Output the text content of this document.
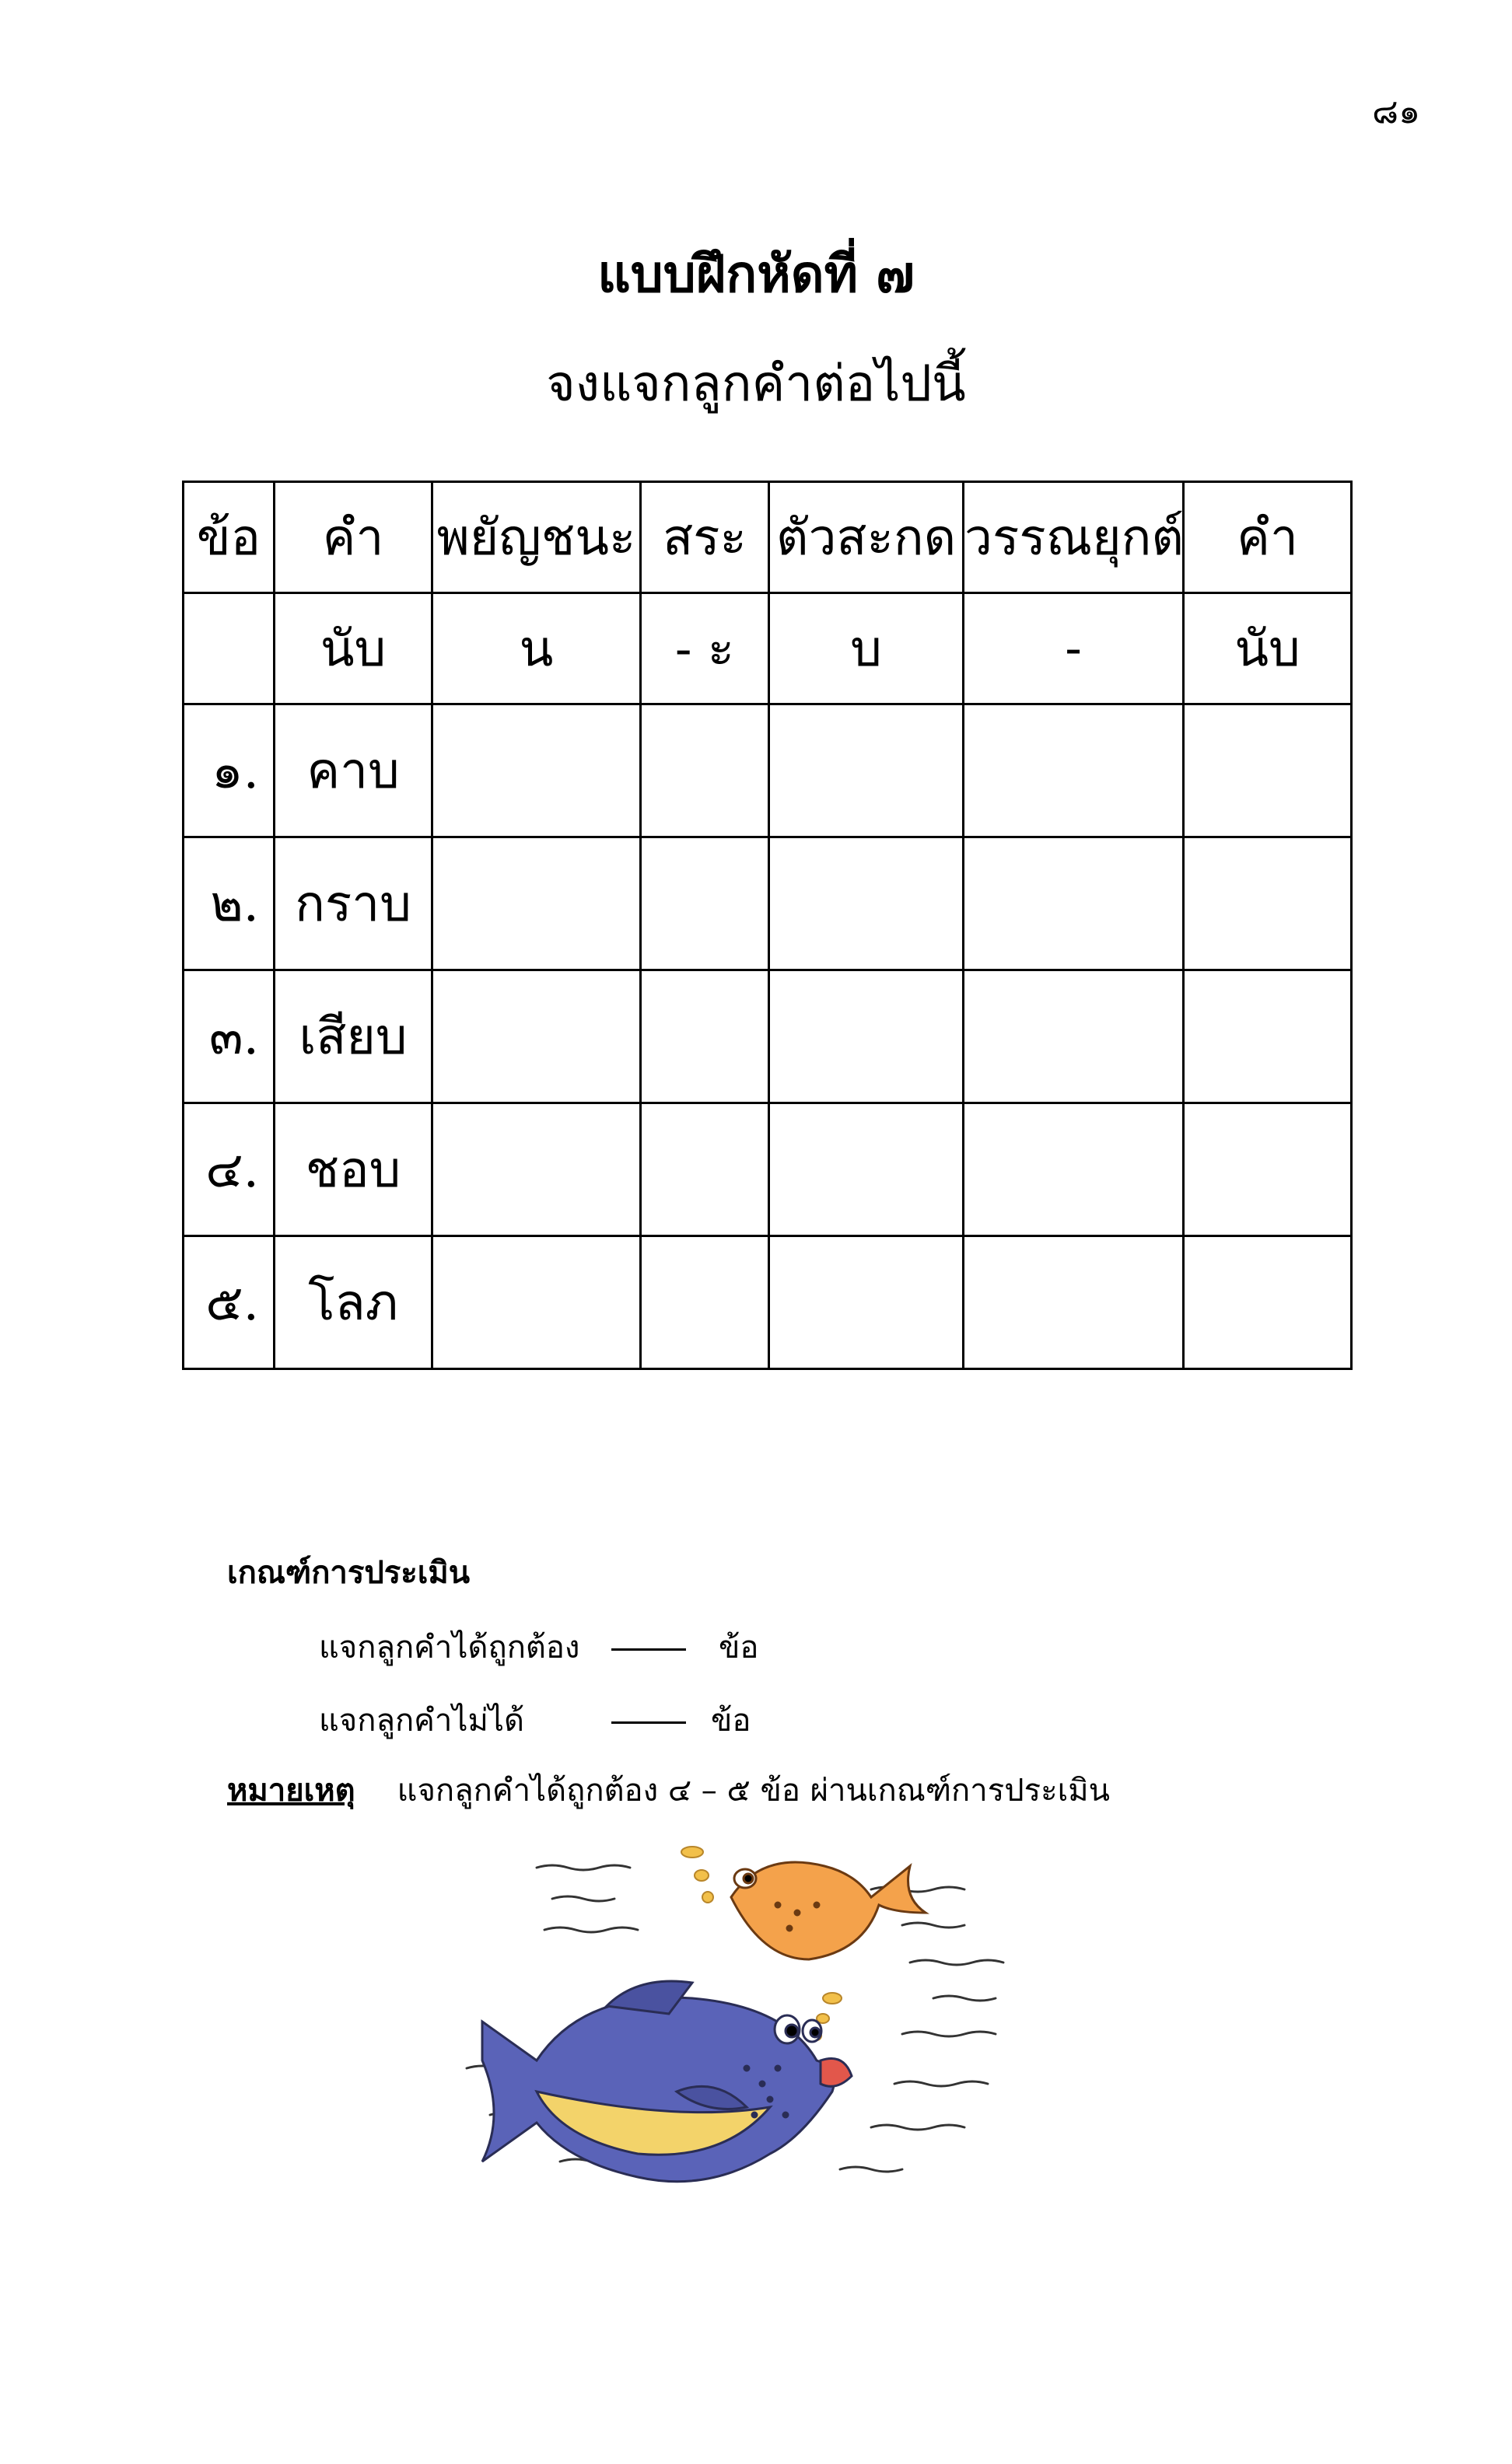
๘๑
แบบฝึกหัดที่ ๗
จงแจกลูกคำต่อไปนี้
ข้อ	คำ	พยัญชนะ	สระ	ตัวสะกด	วรรณยุกต์	คำ
	นับ	น	- ะ	บ	-	นับ
๑.	คาบ					
๒.	กราบ					
๓.	เสียบ					
๔.	ชอบ					
๕.	โลภ					
เกณฑ์การประเมิน
แจกลูกคำได้ถูกต้อง	ข้อ
แจกลูกคำไม่ได้	ข้อ
หมายเหตุ แจกลูกคำได้ถูกต้อง ๔ – ๕ ข้อ ผ่านเกณฑ์การประเมิน
